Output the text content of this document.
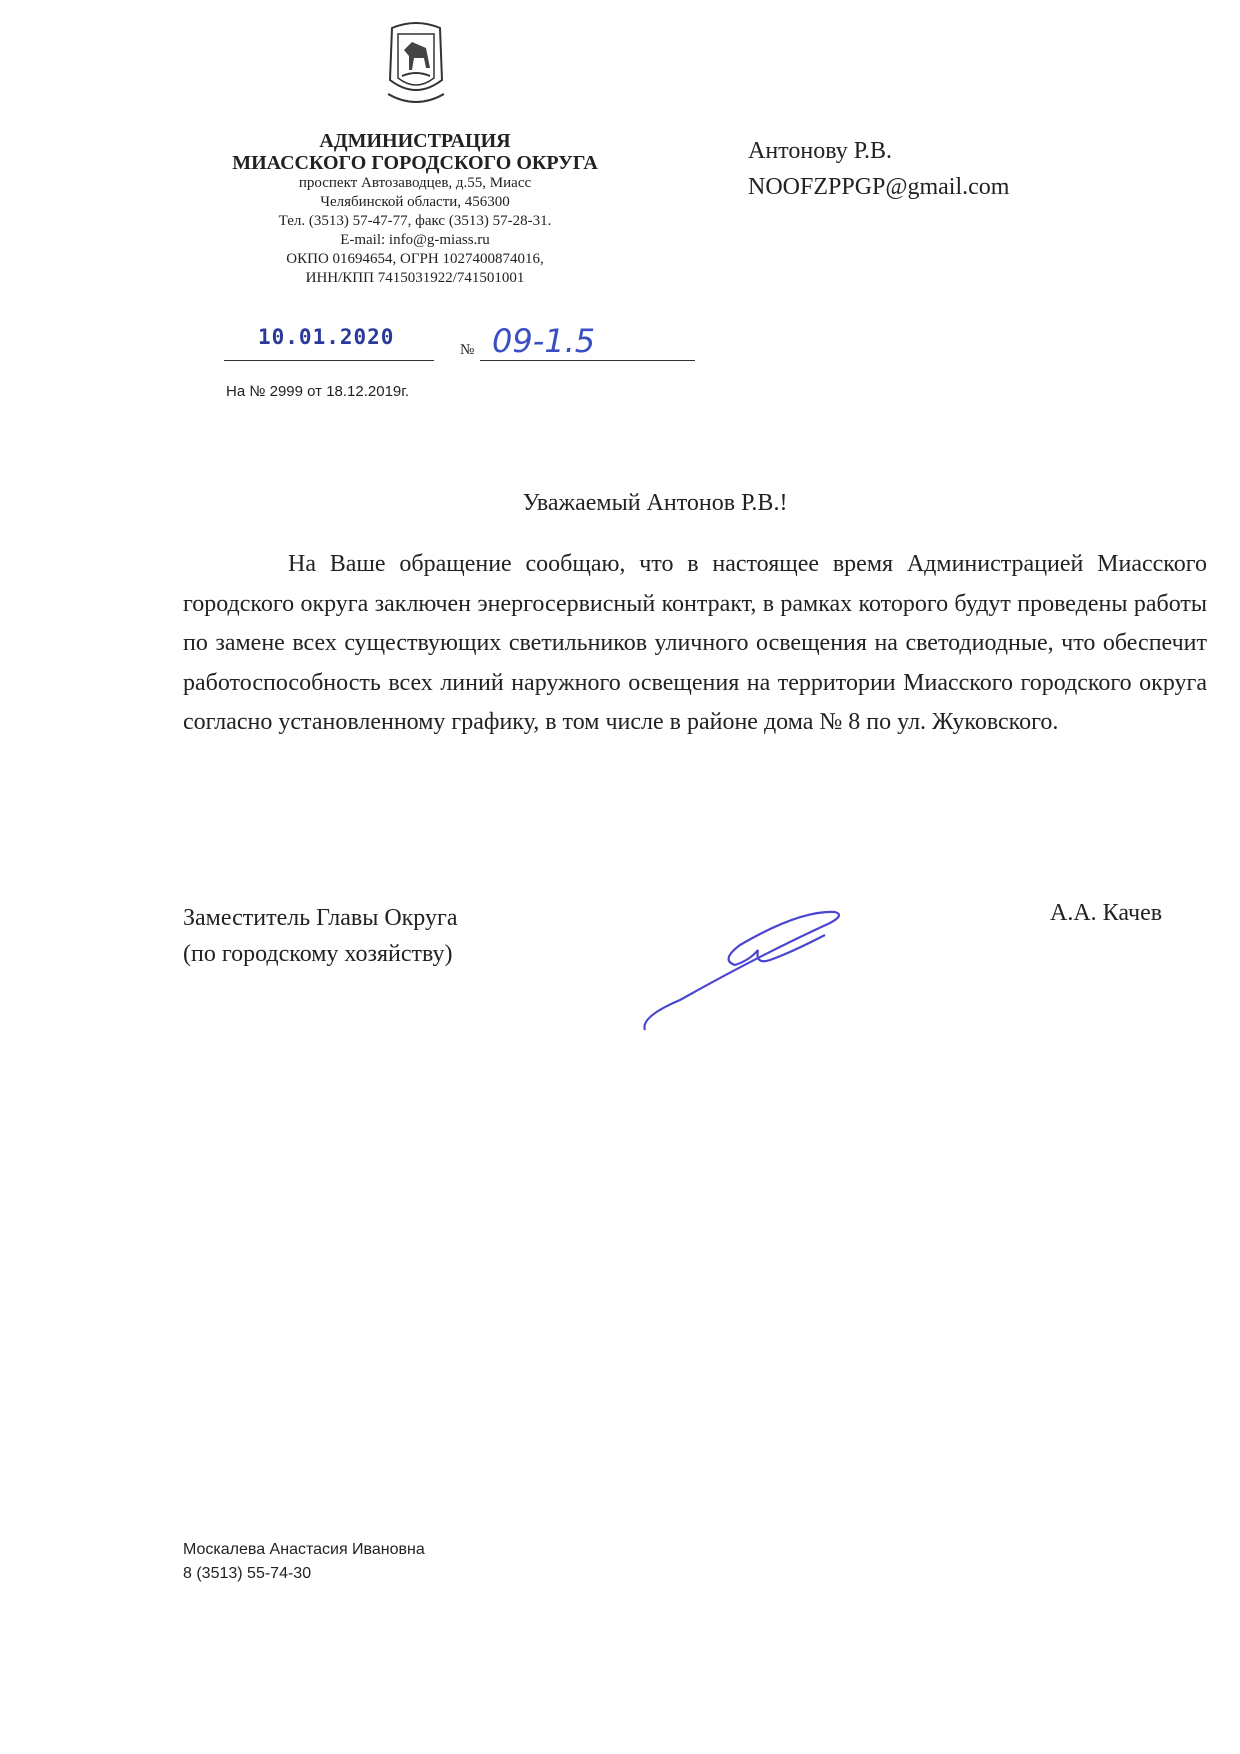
АДМИНИСТРАЦИЯ
МИАССКОГО ГОРОДСКОГО ОКРУГА
проспект Автозаводцев, д.55, Миасс
Челябинской области, 456300
Тел. (3513) 57-47-77, факс (3513) 57-28-31.
E-mail: info@g-miass.ru
ОКПО 01694654, ОГРН 1027400874016,
ИНН/КПП 7415031922/741501001
Антонову Р.В.
NOOFZPPGP@gmail.com
10.01.2020
№ 09-1.5
На № 2999 от 18.12.2019г.
Уважаемый Антонов Р.В.!
На Ваше обращение сообщаю, что в настоящее время Администрацией Миасского городского округа заключен энергосервисный контракт, в рамках которого будут проведены работы по замене всех существующих светильников уличного освещения на светодиодные, что обеспечит работоспособность всех линий наружного освещения на территории Миасского городского округа согласно установленному графику, в том числе в районе дома № 8 по ул. Жуковского.
Заместитель Главы Округа
(по городскому хозяйству)
А.А. Качев
Москалева Анастасия Ивановна
8 (3513) 55-74-30
